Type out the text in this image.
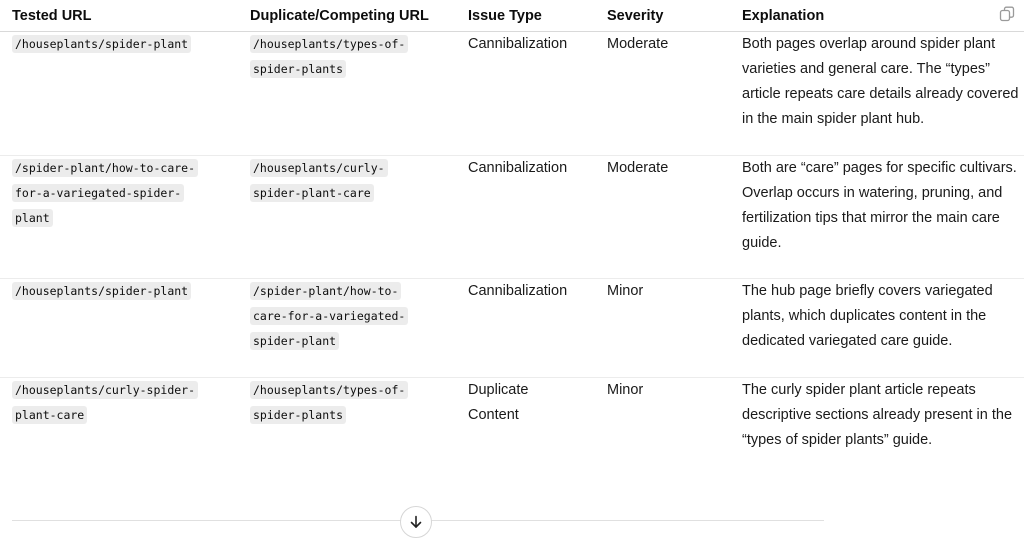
Tested URL	Duplicate/Competing URL	Issue Type	Severity	Explanation

/houseplants/spider-plant	/houseplants/types-of-spider-plants	Cannibalization	Moderate	Both pages overlap around spider plant varieties and general care. The “types” article repeats care details already covered in the main spider plant hub.

/spider-plant/how-to-care-for-a-variegated-spider-plant	/houseplants/curly-spider-plant-care	Cannibalization	Moderate	Both are “care” pages for specific cultivars. Overlap occurs in watering, pruning, and fertilization tips that mirror the main care guide.

/houseplants/spider-plant	/spider-plant/how-to-care-for-a-variegated-spider-plant	Cannibalization	Minor	The hub page briefly covers variegated plants, which duplicates content in the dedicated variegated care guide.

/houseplants/curly-spider-plant-care	/houseplants/types-of-spider-plants	Duplicate Content	Minor	The curly spider plant article repeats descriptive sections already present in the “types of spider plants” guide.
